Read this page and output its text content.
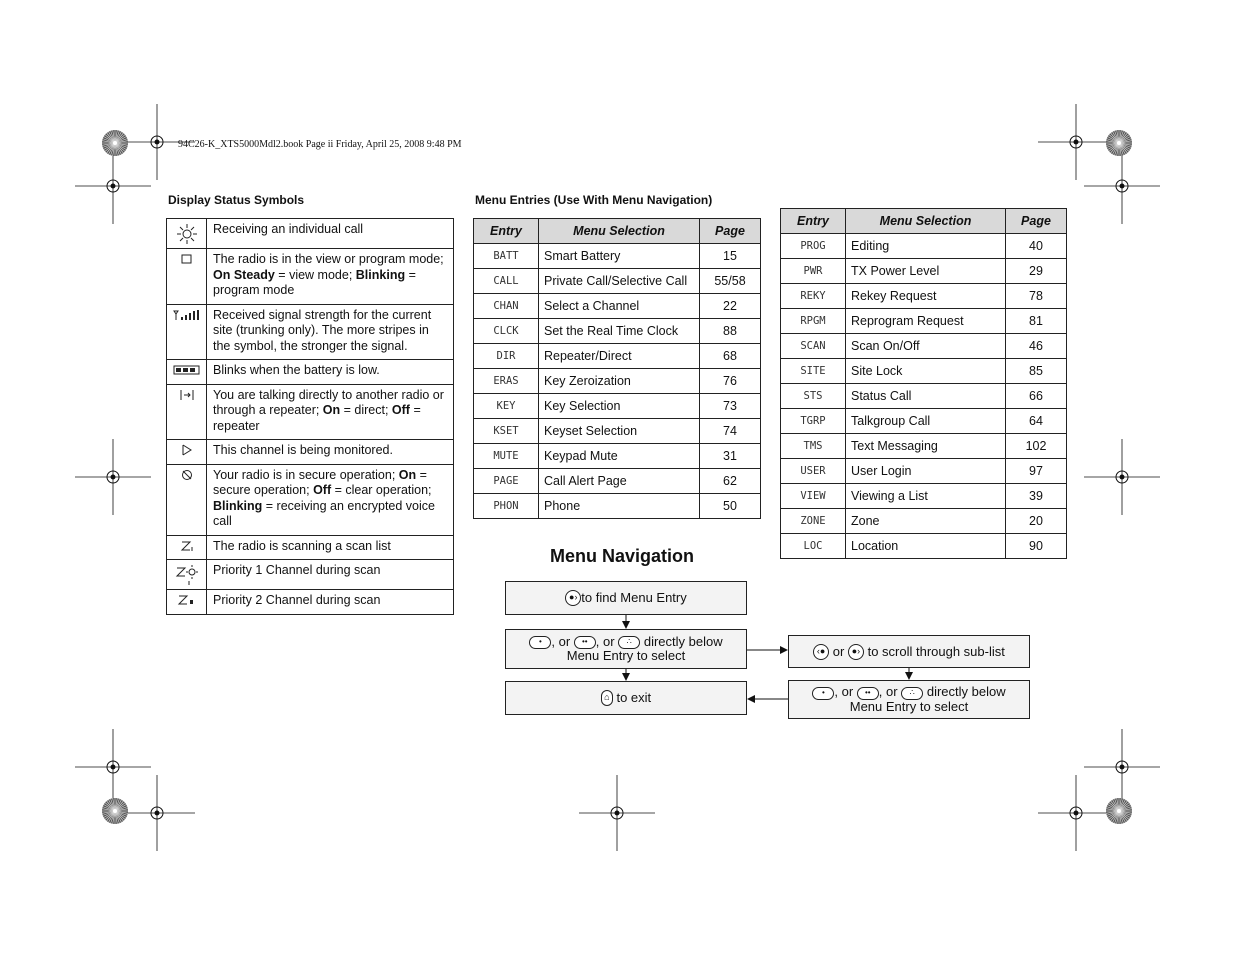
94C26-K_XTS5000Mdl2.book Page ii Friday, April 25, 2008 9:48 PM
Display Status Symbols	Menu Entries (Use With Menu Navigation)
	Receiving an individual call
	The radio is in the view or program mode; On Steady = view mode; Blinking = program mode
	Received signal strength for the current site (trunking only). The more stripes in the symbol, the stronger the signal.
	Blinks when the battery is low.
	You are talking directly to another radio or through a repeater; On = direct; Off = repeater
	This channel is being monitored.
	Your radio is in secure operation; On = secure operation; Off = clear operation; Blinking = receiving an encrypted voice call
	The radio is scanning a scan list
	Priority 1 Channel during scan
	Priority 2 Channel during scan
Entry	Menu Selection	Page
BATT	Smart Battery	15
CALL	Private Call/Selective Call	55/58
CHAN	Select a Channel	22
CLCK	Set the Real Time Clock	88
DIR	Repeater/Direct	68
ERAS	Key Zeroization	76
KEY	Key Selection	73
KSET	Keyset Selection	74
MUTE	Keypad Mute	31
PAGE	Call Alert Page	62
PHON	Phone	50
Entry	Menu Selection	Page
PROG	Editing	40
PWR	TX Power Level	29
REKY	Rekey Request	78
RPGM	Reprogram Request	81
SCAN	Scan On/Off	46
SITE	Site Lock	85
STS	Status Call	66
TGRP	Talkgroup Call	64
TMS	Text Messaging	102
USER	User Login	97
VIEW	Viewing a List	39
ZONE	Zone	20
LOC	Location	90
Menu Navigation
●› to find Menu Entry
• , or •• , or ∴ directly below
Menu Entry to select
⌂
to exit
‹●
or
●›
to scroll through sub-list
• , or •• , or ∴ directly below
Menu Entry to select
